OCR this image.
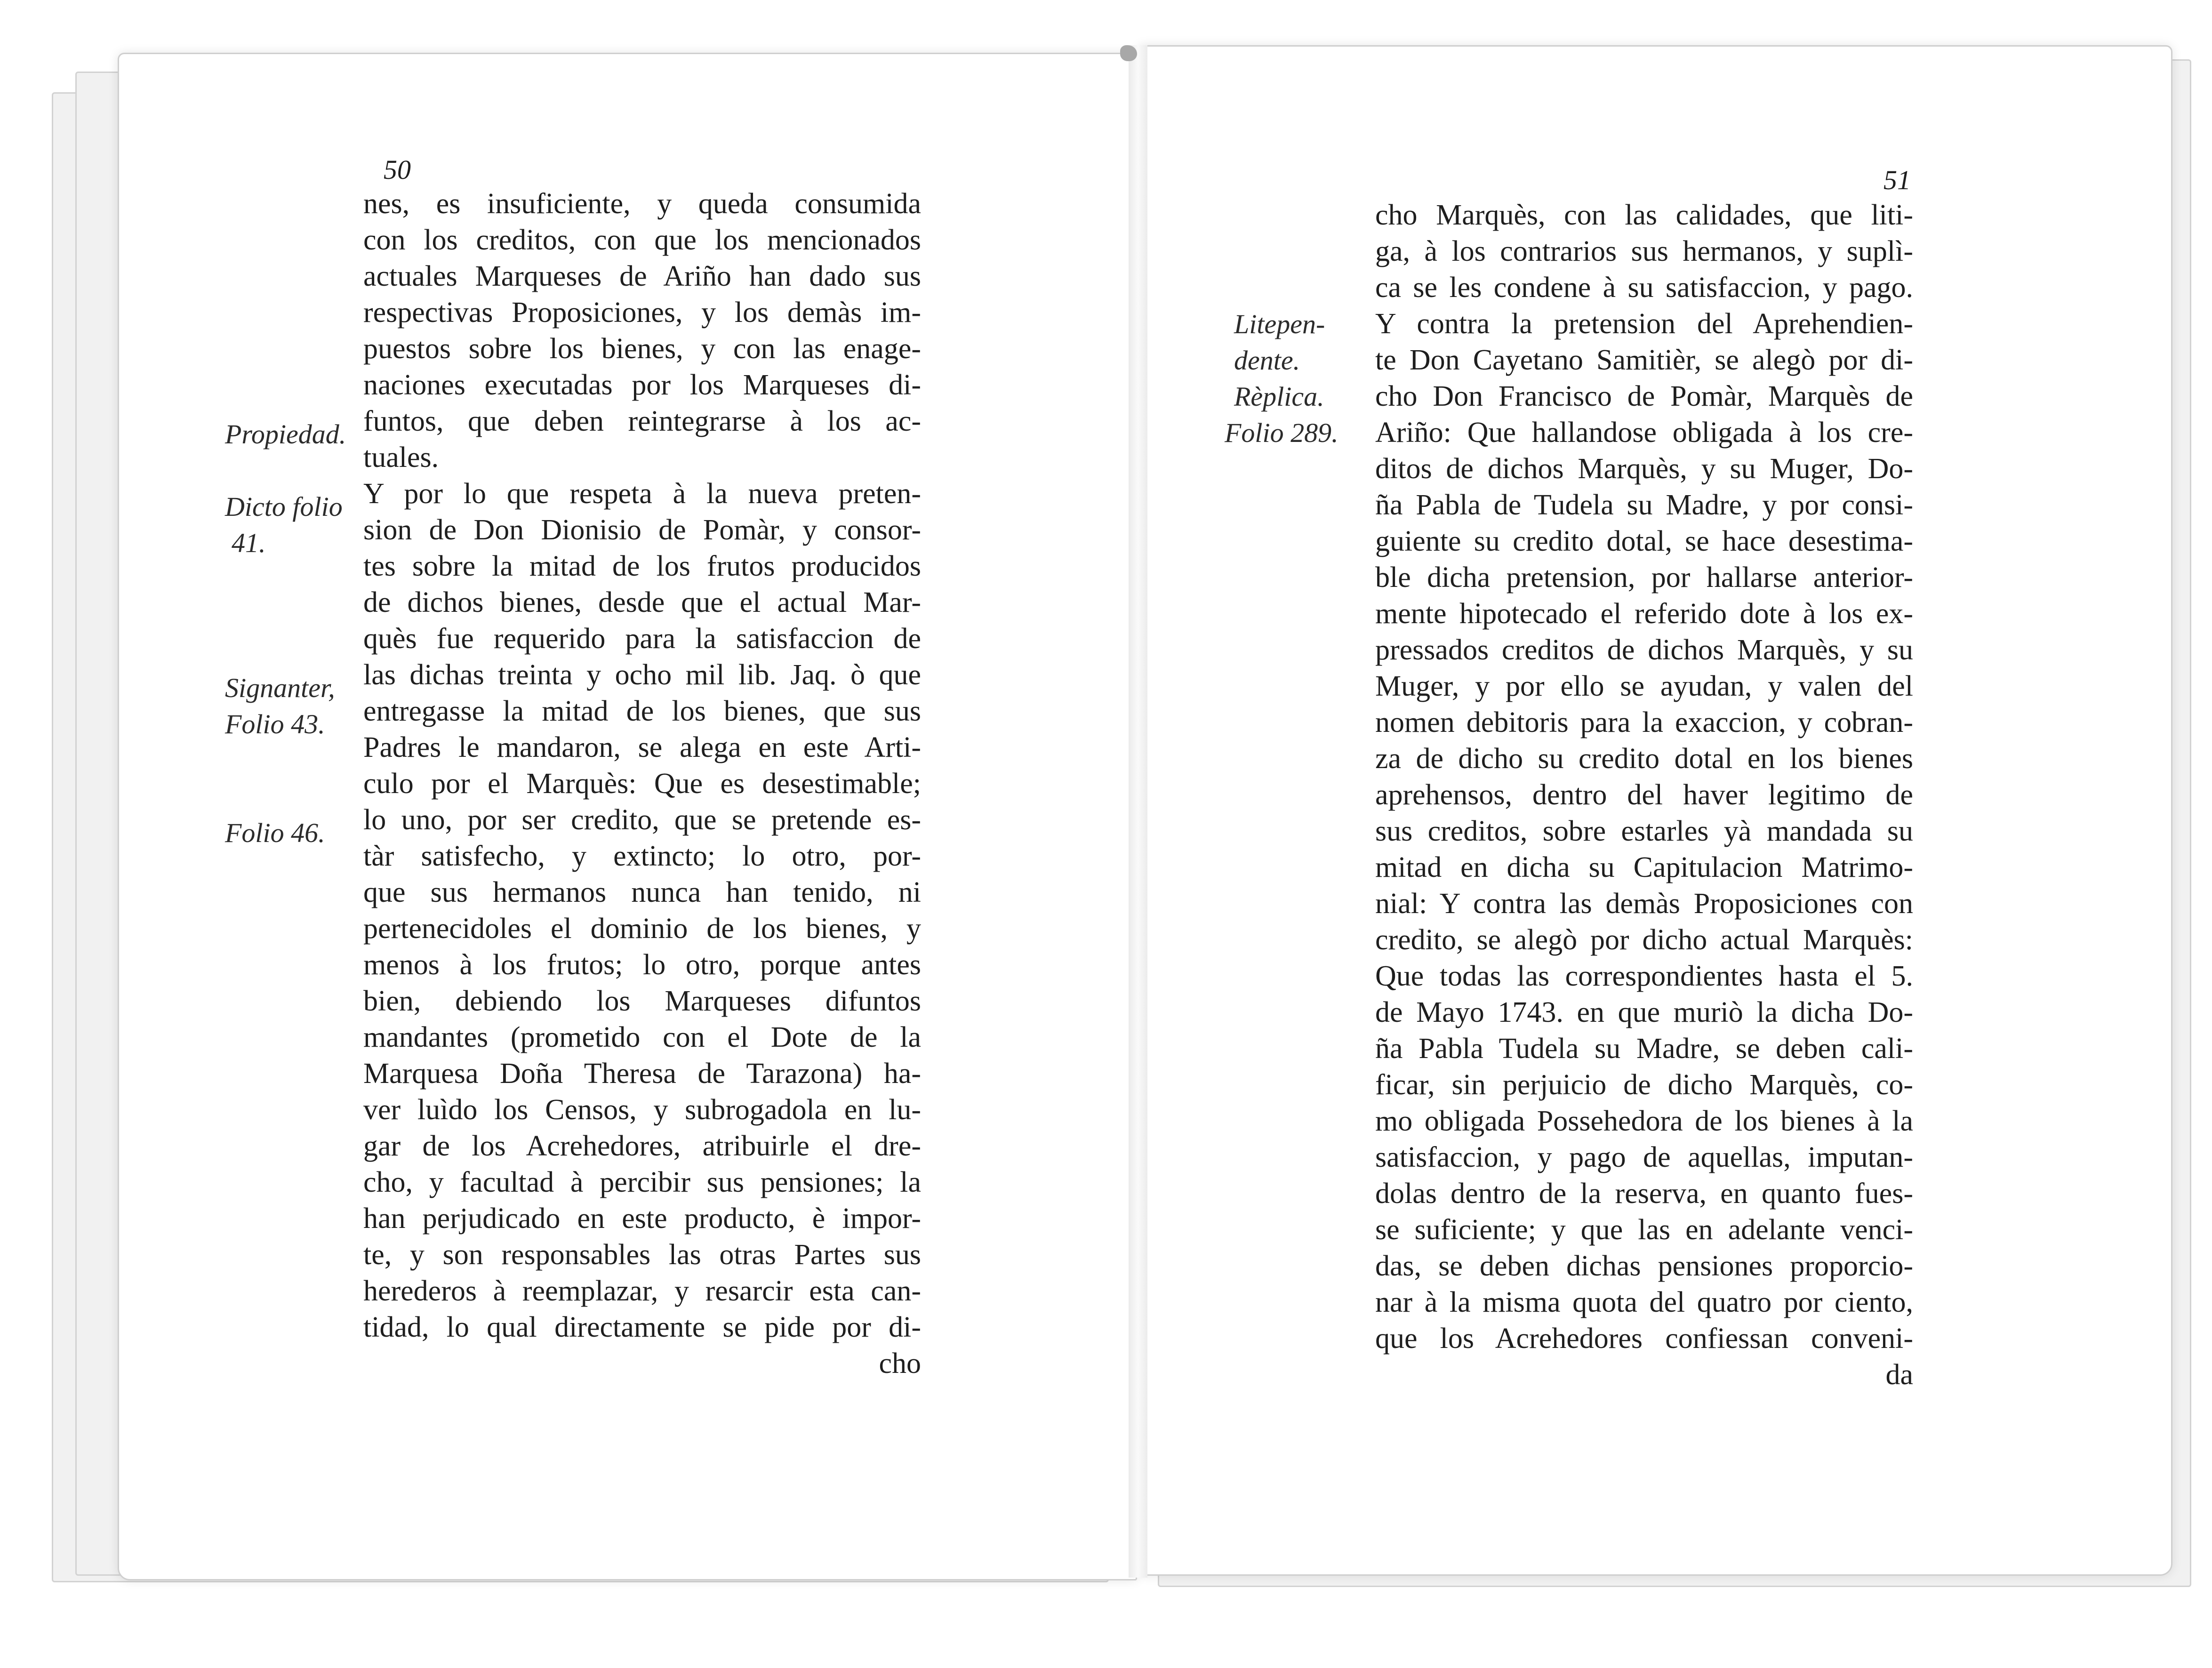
50
nes, es insuficiente, y queda consumida
con los creditos, con que los mencionados
actuales Marqueses de Ariño han dado sus
respectivas Proposiciones, y los demàs im-
puestos sobre los bienes, y con las enage-
naciones executadas por los Marqueses di-
funtos, que deben reintegrarse à los ac-
tuales.
Y por lo que respeta à la nueva preten-
sion de Don Dionisio de Pomàr, y consor-
tes sobre la mitad de los frutos producidos
de dichos bienes, desde que el actual Mar-
quès fue requerido para la satisfaccion de
las dichas treinta y ocho mil lib. Jaq. ò que
entregasse la mitad de los bienes, que sus
Padres le mandaron, se alega en este Arti-
culo por el Marquès: Que es desestimable;
lo uno, por ser credito, que se pretende es-
tàr satisfecho, y extincto; lo otro, por-
que sus hermanos nunca han tenido, ni
pertenecidoles el dominio de los bienes, y
menos à los frutos; lo otro, porque antes
bien, debiendo los Marqueses difuntos
mandantes (prometido con el Dote de la
Marquesa Doña Theresa de Tarazona) ha-
ver luìdo los Censos, y subrogadola en lu-
gar de los Acrehedores, atribuirle el dre-
cho, y facultad à percibir sus pensiones; la
han perjudicado en este producto, è impor-
te, y son responsables las otras Partes sus
herederos à reemplazar, y resarcir esta can-
tidad, lo qual directamente se pide por di-
cho
Propiedad.
Dicto folio
41.
Signanter,
Folio 43.
Folio 46.
51
cho Marquès, con las calidades, que liti-
ga, à los contrarios sus hermanos, y suplì-
ca se les condene à su satisfaccion, y pago.
Y contra la pretension del Aprehendien-
te Don Cayetano Samitièr, se alegò por di-
cho Don Francisco de Pomàr, Marquès de
Ariño: Que hallandose obligada à los cre-
ditos de dichos Marquès, y su Muger, Do-
ña Pabla de Tudela su Madre, y por consi-
guiente su credito dotal, se hace desestima-
ble dicha pretension, por hallarse anterior-
mente hipotecado el referido dote à los ex-
pressados creditos de dichos Marquès, y su
Muger, y por ello se ayudan, y valen del
nomen debitoris para la exaccion, y cobran-
za de dicho su credito dotal en los bienes
aprehensos, dentro del haver legitimo de
sus creditos, sobre estarles yà mandada su
mitad en dicha su Capitulacion Matrimo-
nial: Y contra las demàs Proposiciones con
credito, se alegò por dicho actual Marquès:
Que todas las correspondientes hasta el 5.
de Mayo 1743. en que muriò la dicha Do-
ña Pabla Tudela su Madre, se deben cali-
ficar, sin perjuicio de dicho Marquès, co-
mo obligada Possehedora de los bienes à la
satisfaccion, y pago de aquellas, imputan-
dolas dentro de la reserva, en quanto fues-
se suficiente; y que las en adelante venci-
das, se deben dichas pensiones proporcio-
nar à la misma quota del quatro por ciento,
que los Acrehedores confiessan conveni-
da
Litepen-
dente.
Rèplica.
Folio 289.
